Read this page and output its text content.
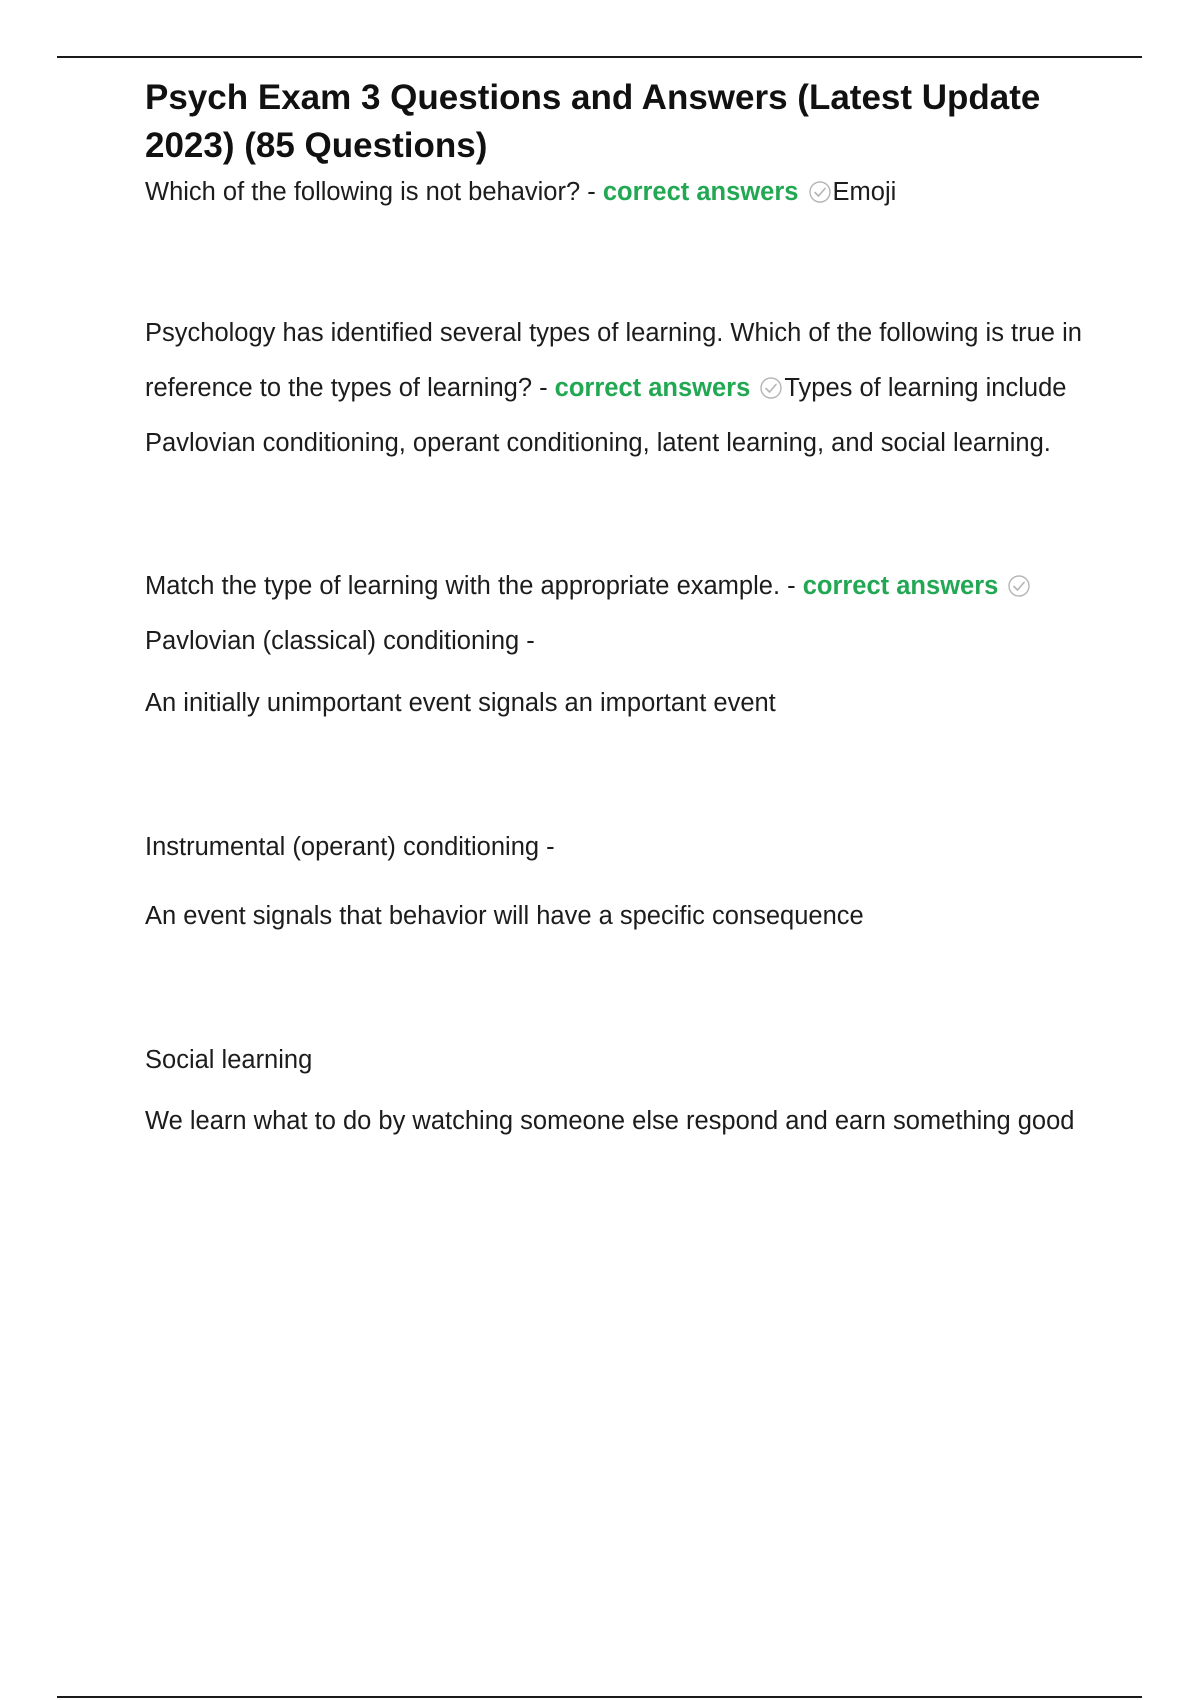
Psych Exam 3 Questions and Answers (Latest Update 2023) (85 Questions)

Which of the following is not behavior? - correct answers Emoji

Psychology has identified several types of learning. Which of the following is true in reference to the types of learning? - correct answers Types of learning include Pavlovian conditioning, operant conditioning, latent learning, and social learning.

Match the type of learning with the appropriate example. - correct answers
Pavlovian (classical) conditioning -

An initially unimportant event signals an important event

Instrumental (operant) conditioning -

An event signals that behavior will have a specific consequence

Social learning

We learn what to do by watching someone else respond and earn something good
